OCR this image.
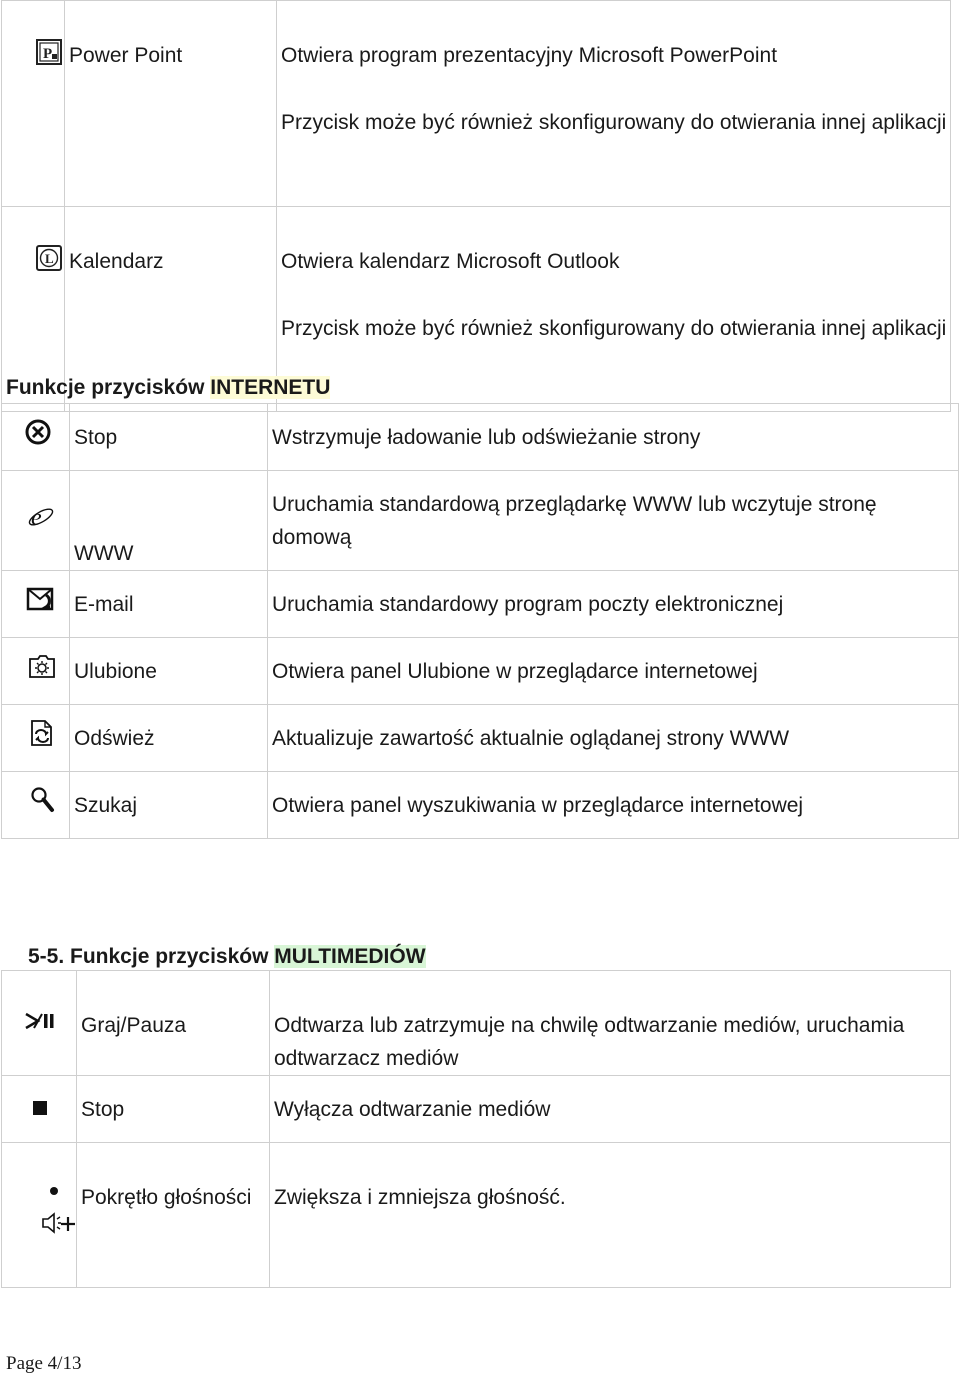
P	Power Point	Otwiera program prezentacyjny Microsoft PowerPoint
Przycisk może być również skonfigurowany do otwierania innej aplikacji

L	Kalendarz	Otwiera kalendarz Microsoft Outlook
Przycisk może być również skonfigurowany do otwierania innej aplikacji
Funkcje przycisków INTERNETU
	Stop	Wstrzymuje ładowanie lub odświeżanie strony

e	WWW	Uruchamia standardową przeglądarkę WWW lub wczytuje stronę domową

	E-mail	Uruchamia standardowy program poczty elektronicznej
	Ulubione	Otwiera panel Ulubione w przeglądarce internetowej
	Odśwież	Aktualizuje zawartość aktualnie oglądanej strony WWW
	Szukaj	Otwiera panel wyszukiwania w przeglądarce internetowej
5-5. Funkcje przycisków MULTIMEDIÓW
	Graj/Pauza	Odtwarza lub zatrzymuje na chwilę odtwarzanie mediów, uruchamia odtwarzacz mediów

	Stop	Wyłącza odtwarzanie mediów

	Pokrętło głośności	Zwiększa i zmniejsza głośność.
Page 4/13
